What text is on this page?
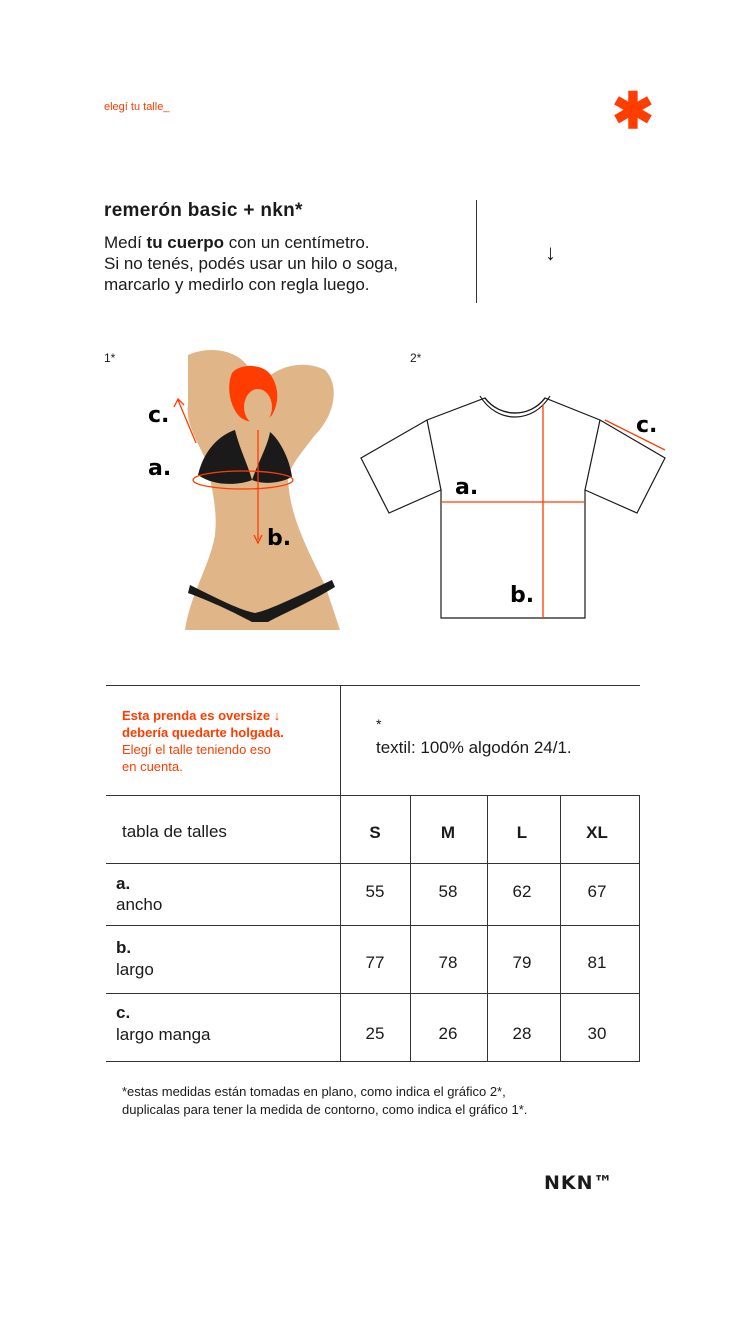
elegí tu talle_	✱
remerón basic + nkn*
Medí tu cuerpo con un centímetro.
Si no tenés, podés usar un hilo o soga,
marcarlo y medirlo con regla luego.
↓
1*	2*
c.
a.
b.
a.
b.
c.
Esta prenda es oversize ↓
debería quedarte holgada.
Elegí el talle teniendo eso
en cuenta.
*
textil: 100% algodón 24/1.
tabla de talles	S	M	L	XL
a.
ancho
55	58	62	67
b.
largo	77	78	79	81
c.
largo manga	25	26	28	30
*estas medidas están tomadas en plano, como indica el gráfico 2*,
duplicalas para tener la medida de contorno, como indica el gráfico 1*.
NKN™
